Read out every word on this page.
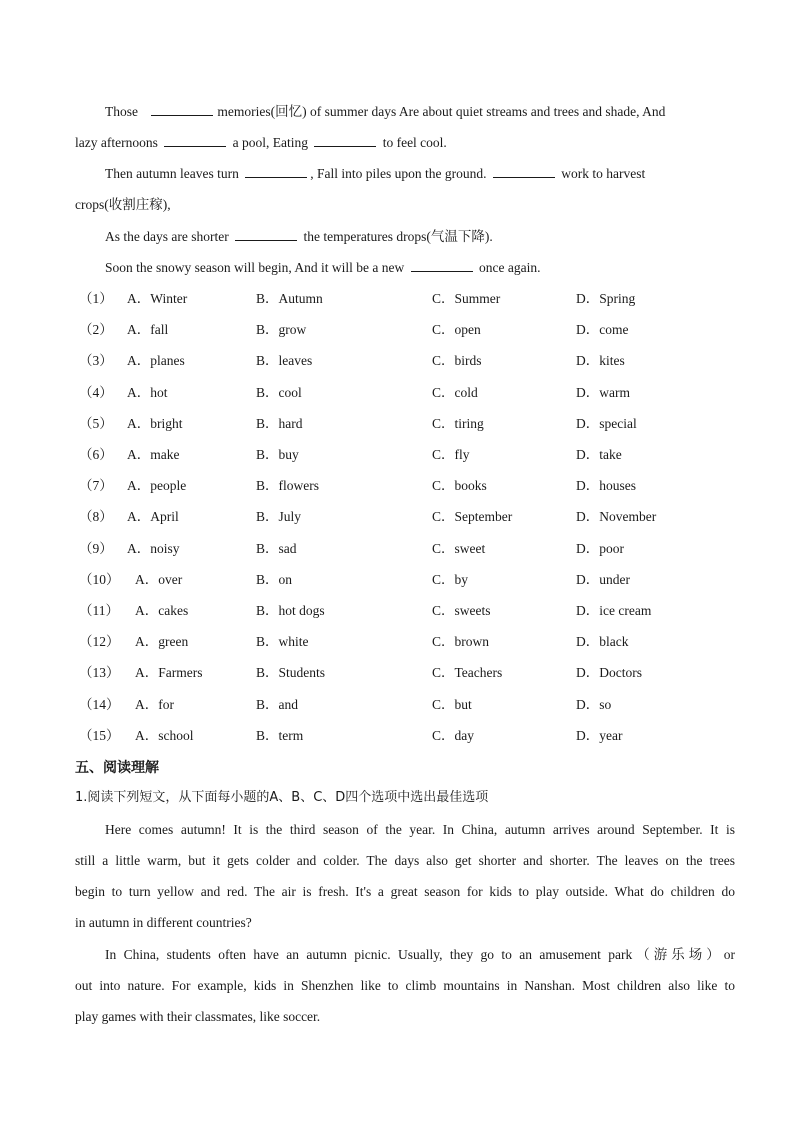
Those	memories(回忆) of summer days Are about quiet streams and trees and shade, And
lazy afternoons	a pool, Eating	to feel cool.
Then autumn leaves turn	, Fall into piles upon the ground.	work to harvest
crops(收割庄稼),
As the days are shorter	the temperatures drops(气温下降).
Soon the snowy season will begin, And it will be a new	once again.
（1） A．Winter	B．Autumn	C．Summer	D．Spring
（2） A．fall	B．grow	C．open	D．come
（3） A．planes	B．leaves	C．birds	D．kites
（4） A．hot	B．cool	C．cold	D．warm
（5） A．bright	B．hard	C．tiring	D．special
（6） A．make	B．buy	C．fly	D．take
（7） A．people	B．flowers	C．books	D．houses
（8） A．April	B．July	C．September	D．November
（9） A．noisy	B．sad	C．sweet	D．poor
（10） A．over	B．on	C．by	D．under
（11） A．cakes	B．hot dogs	C．sweets	D．ice cream
（12） A．green	B．white	C．brown	D．black
（13） A．Farmers	B．Students	C．Teachers	D．Doctors
（14） A．for	B．and	C．but	D．so
（15） A．school	B．term	C．day	D．year
五、阅读理解
1.阅读下列短文，从下面每小题的A、B、C、D四个选项中选出最佳选项
Here comes autumn! It is the third season of the year. In China, autumn arrives around September. It is
still a little warm, but it gets colder and colder. The days also get shorter and shorter. The leaves on the trees
begin to turn yellow and red. The air is fresh. It's a great season for kids to play outside. What do children do
in autumn in different countries?
In China, students often have an autumn picnic. Usually, they go to an amusement park（游乐场）or
out into nature. For example, kids in Shenzhen like to climb mountains in Nanshan. Most children also like to
play games with their classmates, like soccer.
